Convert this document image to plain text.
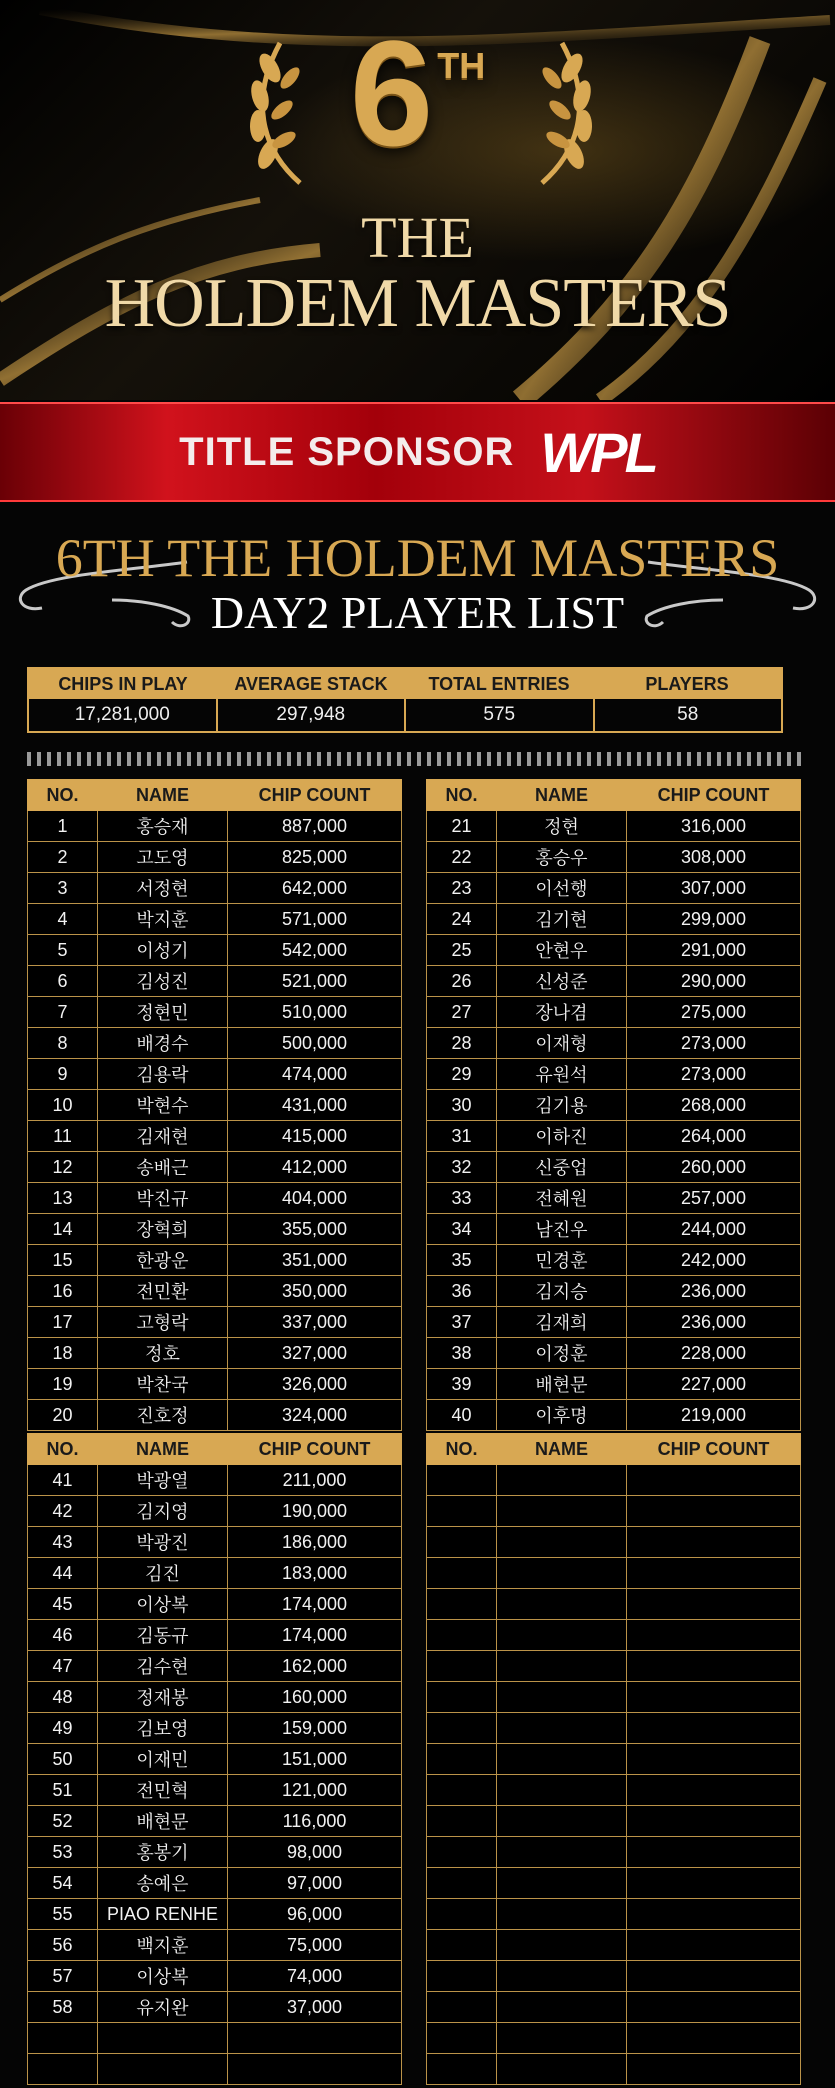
6 $^{TH}$
THE
HOLDEM MASTERS
TITLE SPONSOR WPL
6TH THE HOLDEM MASTERS
DAY2 PLAYER LIST
CHIPS IN PLAY	AVERAGE STACK	TOTAL ENTRIES	PLAYERS
17,281,000	297,948	575	58
NO.	NAME	CHIP COUNT
1	홍승재	887,000
2	고도영	825,000
3	서정현	642,000
4	박지훈	571,000
5	이성기	542,000
6	김성진	521,000
7	정현민	510,000
8	배경수	500,000
9	김용락	474,000
10	박현수	431,000
11	김재현	415,000
12	송배근	412,000
13	박진규	404,000
14	장혁희	355,000
15	한광운	351,000
16	전민환	350,000
17	고형락	337,000
18	정호	327,000
19	박찬국	326,000
20	진호정	324,000
NO.	NAME	CHIP COUNT
21	정현	316,000
22	홍승우	308,000
23	이선행	307,000
24	김기현	299,000
25	안현우	291,000
26	신성준	290,000
27	장나겸	275,000
28	이재형	273,000
29	유원석	273,000
30	김기용	268,000
31	이하진	264,000
32	신중업	260,000
33	전혜원	257,000
34	남진우	244,000
35	민경훈	242,000
36	김지승	236,000
37	김재희	236,000
38	이정훈	228,000
39	배현문	227,000
40	이후명	219,000
NO.	NAME	CHIP COUNT
41	박광열	211,000
42	김지영	190,000
43	박광진	186,000
44	김진	183,000
45	이상복	174,000
46	김동규	174,000
47	김수현	162,000
48	정재봉	160,000
49	김보영	159,000
50	이재민	151,000
51	전민혁	121,000
52	배현문	116,000
53	홍봉기	98,000
54	송예은	97,000
55	PIAO RENHE	96,000
56	백지훈	75,000
57	이상복	74,000
58	유지완	37,000

NO.	NAME	CHIP COUNT
